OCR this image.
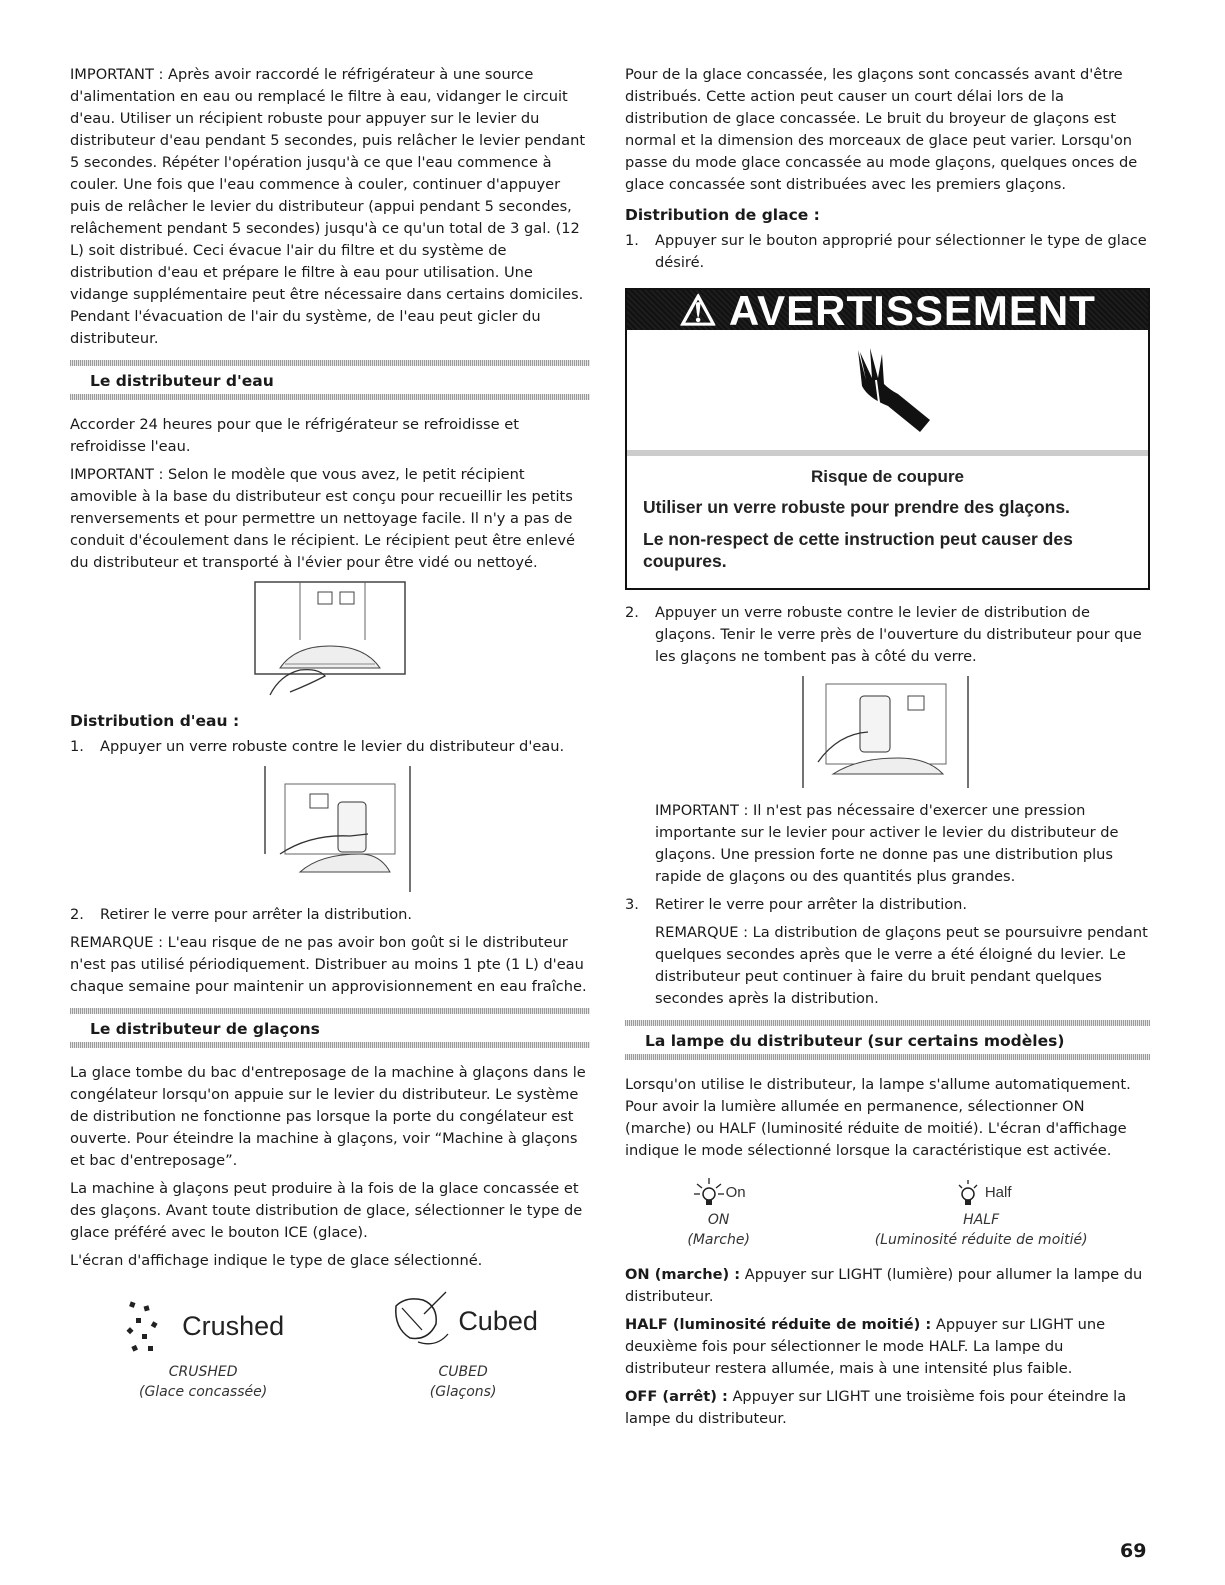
IMPORTANT : Après avoir raccordé le réfrigérateur à une source d'alimentation en eau ou remplacé le filtre à eau, vidanger le circuit d'eau. Utiliser un récipient robuste pour appuyer sur le levier du distributeur d'eau pendant 5 secondes, puis relâcher le levier pendant 5 secondes. Répéter l'opération jusqu'à ce que l'eau commence à couler. Une fois que l'eau commence à couler, continuer d'appuyer puis de relâcher le levier du distributeur (appui pendant 5 secondes, relâchement pendant 5 secondes) jusqu'à ce qu'un total de 3 gal. (12 L) soit distribué. Ceci évacue l'air du filtre et du système de distribution d'eau et prépare le filtre à eau pour utilisation. Une vidange supplémentaire peut être nécessaire dans certains domiciles. Pendant l'évacuation de l'air du système, de l'eau peut gicler du distributeur.

Le distributeur d'eau

Accorder 24 heures pour que le réfrigérateur se refroidisse et refroidisse l'eau.

IMPORTANT : Selon le modèle que vous avez, le petit récipient amovible à la base du distributeur est conçu pour recueillir les petits renversements et pour permettre un nettoyage facile. Il n'y a pas de conduit d'écoulement dans le récipient. Le récipient peut être enlevé du distributeur et transporté à l'évier pour être vidé ou nettoyé.

Distribution d'eau :
1.	Appuyer un verre robuste contre le levier du distributeur d'eau.
2.	Retirer le verre pour arrêter la distribution.

REMARQUE : L'eau risque de ne pas avoir bon goût si le distributeur n'est pas utilisé périodiquement. Distribuer au moins 1 pte (1 L) d'eau chaque semaine pour maintenir un approvisionnement en eau fraîche.

Le distributeur de glaçons

La glace tombe du bac d'entreposage de la machine à glaçons dans le congélateur lorsqu'on appuie sur le levier du distributeur. Le système de distribution ne fonctionne pas lorsque la porte du congélateur est ouverte. Pour éteindre la machine à glaçons, voir “Machine à glaçons et bac d'entreposage”.

La machine à glaçons peut produire à la fois de la glace concassée et des glaçons. Avant toute distribution de glace, sélectionner le type de glace préféré avec le bouton ICE (glace).

L'écran d'affichage indique le type de glace sélectionné.

Crushed
CRUSHED
(Glace concassée)
Cubed
CUBED
(Glaçons)

Pour de la glace concassée, les glaçons sont concassés avant d'être distribués. Cette action peut causer un court délai lors de la distribution de glace concassée. Le bruit du broyeur de glaçons est normal et la dimension des morceaux de glace peut varier. Lorsqu'on passe du mode glace concassée au mode glaçons, quelques onces de glace concassée sont distribuées avec les premiers glaçons.

Distribution de glace :
1.	Appuyer sur le bouton approprié pour sélectionner le type de glace désiré.
⚠ AVERTISSEMENT
Risque de coupure
Utiliser un verre robuste pour prendre des glaçons.
Le non-respect de cette instruction peut causer des coupures.
2.	Appuyer un verre robuste contre le levier de distribution de glaçons. Tenir le verre près de l'ouverture du distributeur pour que les glaçons ne tombent pas à côté du verre.

IMPORTANT : Il n'est pas nécessaire d'exercer une pression importante sur le levier pour activer le levier du distributeur de glaçons. Une pression forte ne donne pas une distribution plus rapide de glaçons ou des quantités plus grandes.

3.	Retirer le verre pour arrêter la distribution.

REMARQUE : La distribution de glaçons peut se poursuivre pendant quelques secondes après que le verre a été éloigné du levier. Le distributeur peut continuer à faire du bruit pendant quelques secondes après la distribution.

La lampe du distributeur (sur certains modèles)

Lorsqu'on utilise le distributeur, la lampe s'allume automatiquement. Pour avoir la lumière allumée en permanence, sélectionner ON (marche) ou HALF (luminosité réduite de moitié). L'écran d'affichage indique le mode sélectionné lorsque la caractéristique est activée.

On
ON
(Marche)
Half
HALF
(Luminosité réduite de moitié)

ON (marche) : Appuyer sur LIGHT (lumière) pour allumer la lampe du distributeur.

HALF (luminosité réduite de moitié) : Appuyer sur LIGHT une deuxième fois pour sélectionner le mode HALF. La lampe du distributeur restera allumée, mais à une intensité plus faible.

OFF (arrêt) : Appuyer sur LIGHT une troisième fois pour éteindre la lampe du distributeur.

69
